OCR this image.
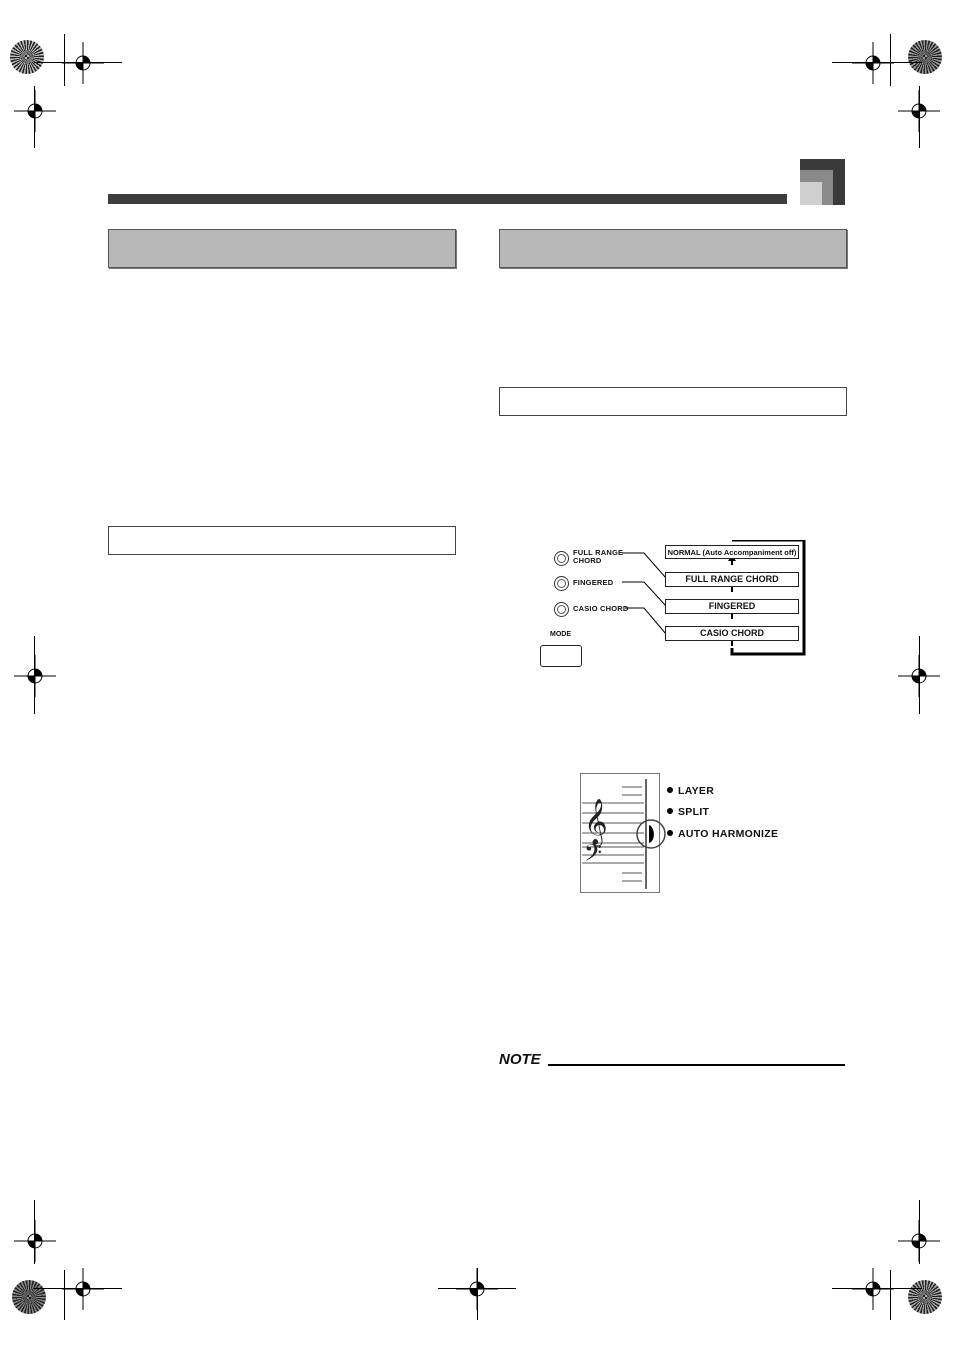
FULL RANGE
CHORD
FINGERED
CASIO CHORD
MODE
NORMAL (Auto Accompaniment off)
FULL RANGE CHORD
FINGERED
CASIO CHORD
𝄞
𝄢
LAYER
SPLIT
AUTO HARMONIZE
NOTE
